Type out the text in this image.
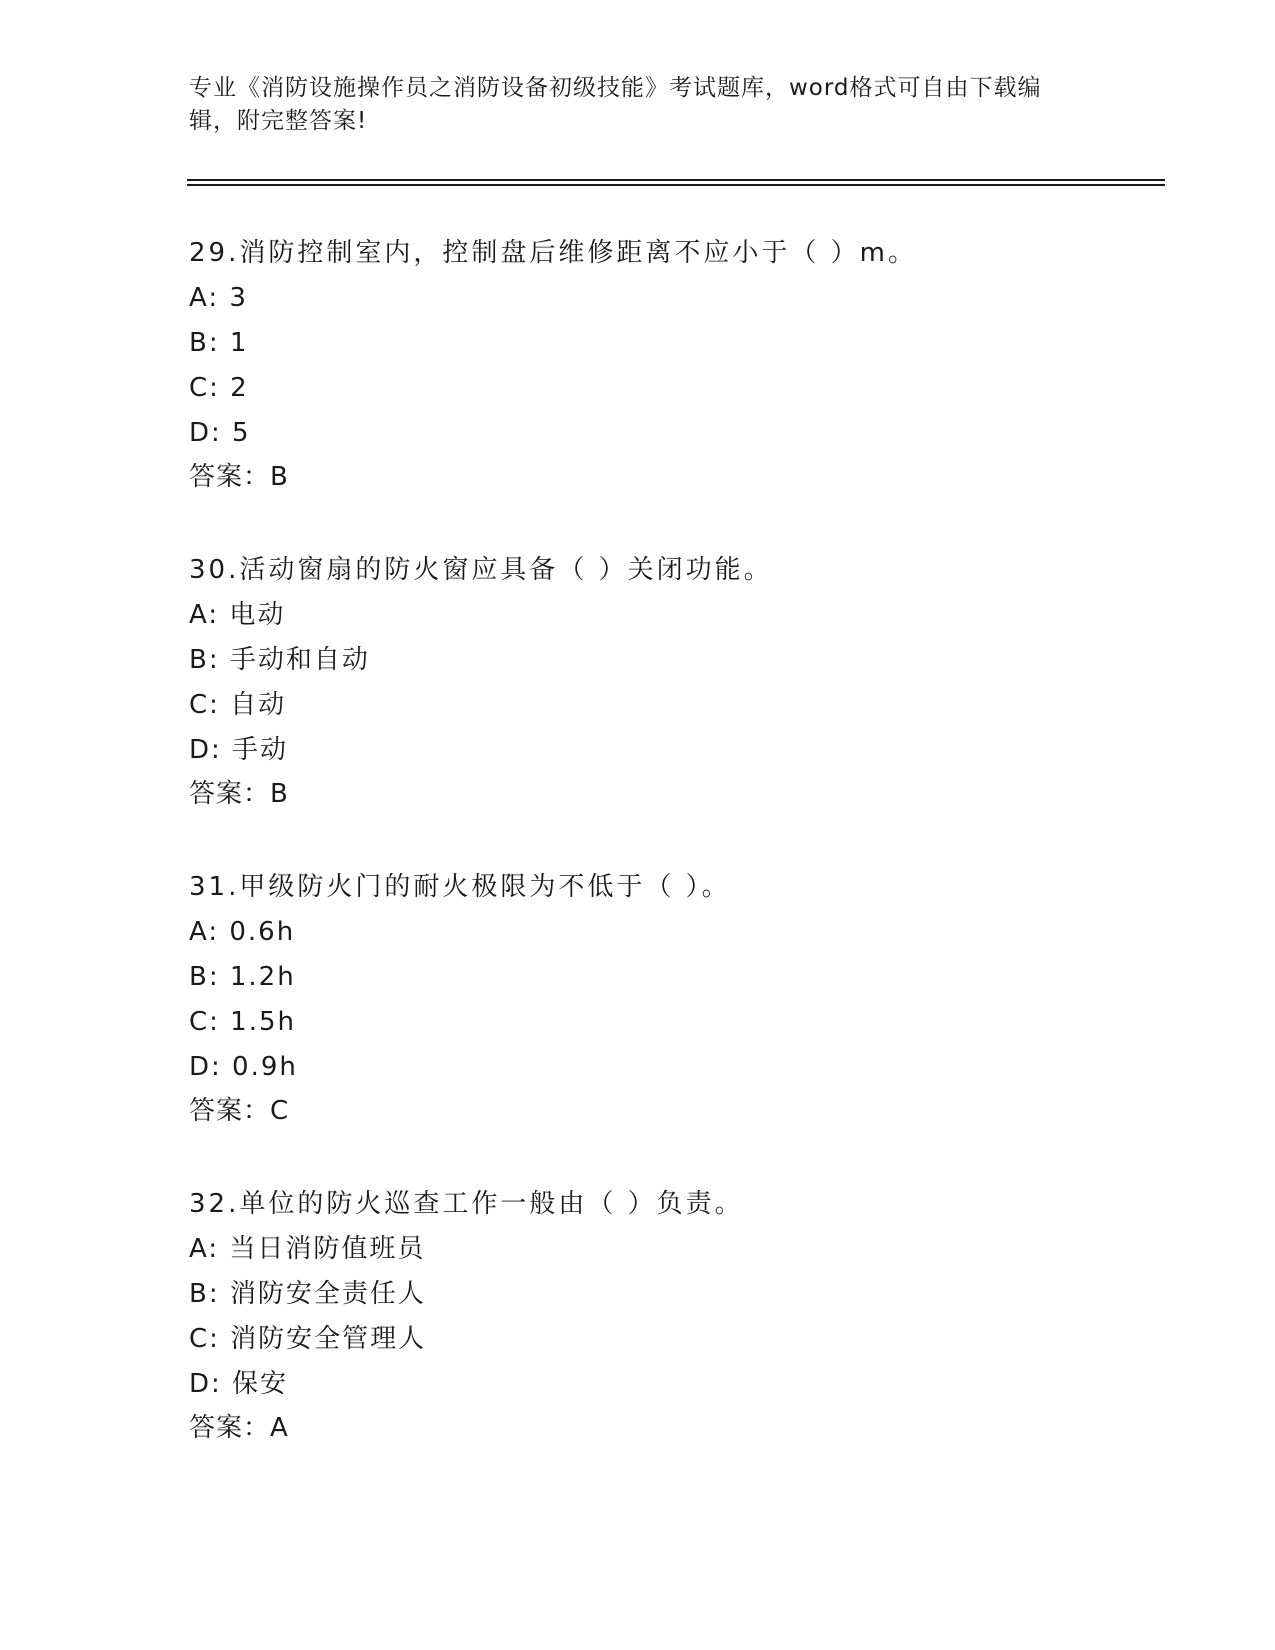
专业《消防设施操作员之消防设备初级技能》考试题库，word格式可自由下载编
辑，附完整答案!
29.消防控制室内，控制盘后维修距离不应小于（ ）m。
A: 3
B: 1
C: 2
D: 5
答案：B
30.活动窗扇的防火窗应具备（ ）关闭功能。
A: 电动
B: 手动和自动
C: 自动
D: 手动
答案：B
31.甲级防火门的耐火极限为不低于（ ）。
A: 0.6h
B: 1.2h
C: 1.5h
D: 0.9h
答案：C
32.单位的防火巡查工作一般由（ ）负责。
A: 当日消防值班员
B: 消防安全责任人
C: 消防安全管理人
D: 保安
答案：A
